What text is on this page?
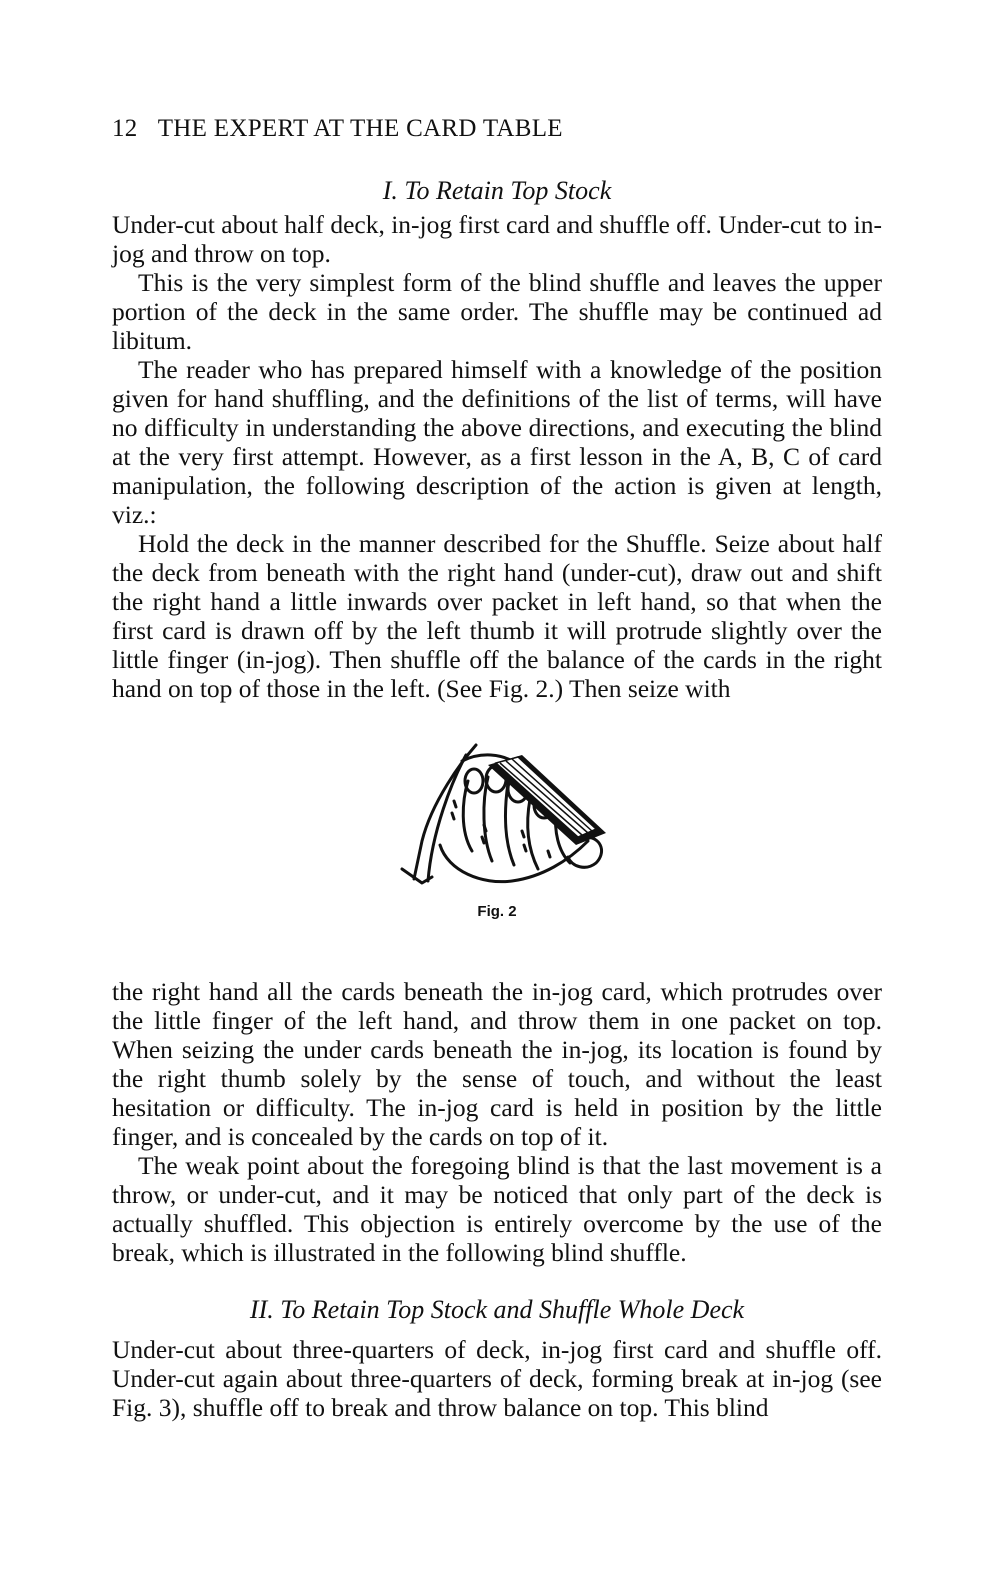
12 THE EXPERT AT THE CARD TABLE
I. To Retain Top Stock

Under-cut about half deck, in-jog first card and shuffle off. Under-cut to in-jog and throw on top.

This is the very simplest form of the blind shuffle and leaves the upper portion of the deck in the same order. The shuffle may be continued ad libitum.

The reader who has prepared himself with a knowledge of the position given for hand shuffling, and the definitions of the list of terms, will have no difficulty in understanding the above directions, and executing the blind at the very first attempt. However, as a first lesson in the A, B, C of card manipulation, the following description of the action is given at length, viz.:

Hold the deck in the manner described for the Shuffle. Seize about half the deck from beneath with the right hand (under-cut), draw out and shift the right hand a little inwards over packet in left hand, so that when the first card is drawn off by the left thumb it will protrude slightly over the little finger (in-jog). Then shuffle off the balance of the cards in the right hand on top of those in the left. (See Fig. 2.) Then seize with

Fig. 2

the right hand all the cards beneath the in-jog card, which protrudes over the little finger of the left hand, and throw them in one packet on top. When seizing the under cards beneath the in-jog, its location is found by the right thumb solely by the sense of touch, and without the least hesitation or difficulty. The in-jog card is held in position by the little finger, and is concealed by the cards on top of it.

The weak point about the foregoing blind is that the last movement is a throw, or under-cut, and it may be noticed that only part of the deck is actually shuffled. This objection is entirely overcome by the use of the break, which is illustrated in the following blind shuffle.

II. To Retain Top Stock and Shuffle Whole Deck

Under-cut about three-quarters of deck, in-jog first card and shuffle off. Under-cut again about three-quarters of deck, forming break at in-jog (see Fig. 3), shuffle off to break and throw balance on top. This blind
